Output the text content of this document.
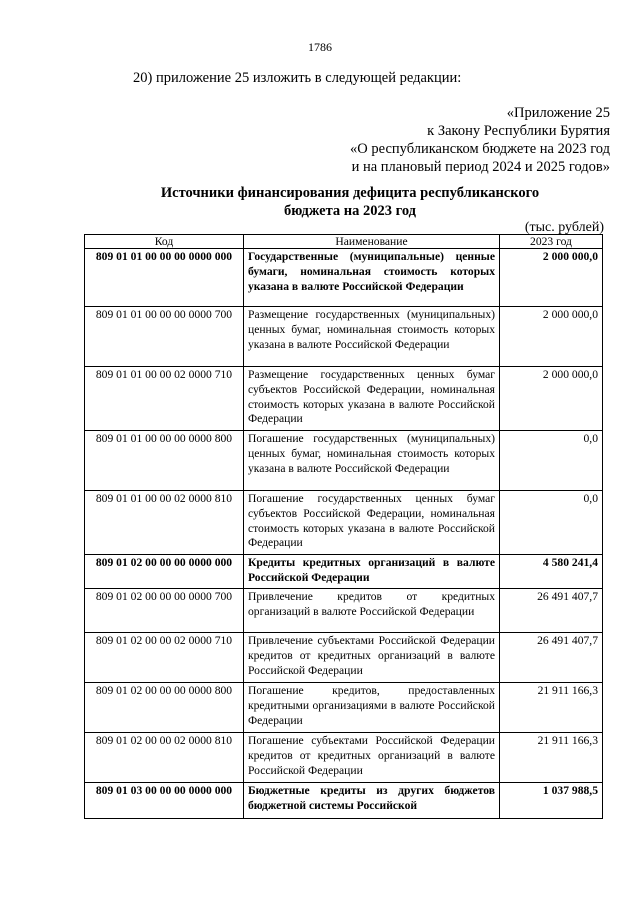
1786
20) приложение 25 изложить в следующей редакции:
«Приложение 25
к Закону Республики Бурятия
«О республиканском бюджете на 2023 год
и на плановый период 2024 и 2025 годов»
Источники финансирования дефицита республиканского
бюджета на 2023 год
(тыс. рублей)
Код	Наименование	2023 год
809 01 01 00 00 00 0000 000	Государственные (муниципальные) ценные бумаги, номинальная стоимость которых указана в валюте Российской Федерации	2 000 000,0
809 01 01 00 00 00 0000 700	Размещение государственных (муниципальных) ценных бумаг, номинальная стоимость которых указана в валюте Российской Федерации	2 000 000,0
809 01 01 00 00 02 0000 710	Размещение государственных ценных бумаг субъектов Российской Федерации, номинальная стоимость которых указана в валюте Российской Федерации	2 000 000,0
809 01 01 00 00 00 0000 800	Погашение государственных (муниципальных) ценных бумаг, номинальная стоимость которых указана в валюте Российской Федерации	0,0
809 01 01 00 00 02 0000 810	Погашение государственных ценных бумаг субъектов Российской Федерации, номинальная стоимость которых указана в валюте Российской Федерации	0,0
809 01 02 00 00 00 0000 000	Кредиты кредитных организаций в валюте Российской Федерации	4 580 241,4
809 01 02 00 00 00 0000 700	Привлечение кредитов от кредитных организаций в валюте Российской Федерации	26 491 407,7
809 01 02 00 00 02 0000 710	Привлечение субъектами Российской Федерации кредитов от кредитных организаций в валюте Российской Федерации	26 491 407,7
809 01 02 00 00 00 0000 800	Погашение кредитов, предоставленных кредитными организациями в валюте Российской Федерации	21 911 166,3
809 01 02 00 00 02 0000 810	Погашение субъектами Российской Федерации кредитов от кредитных организаций в валюте Российской Федерации	21 911 166,3
809 01 03 00 00 00 0000 000	Бюджетные кредиты из других бюджетов бюджетной системы Российской	1 037 988,5
